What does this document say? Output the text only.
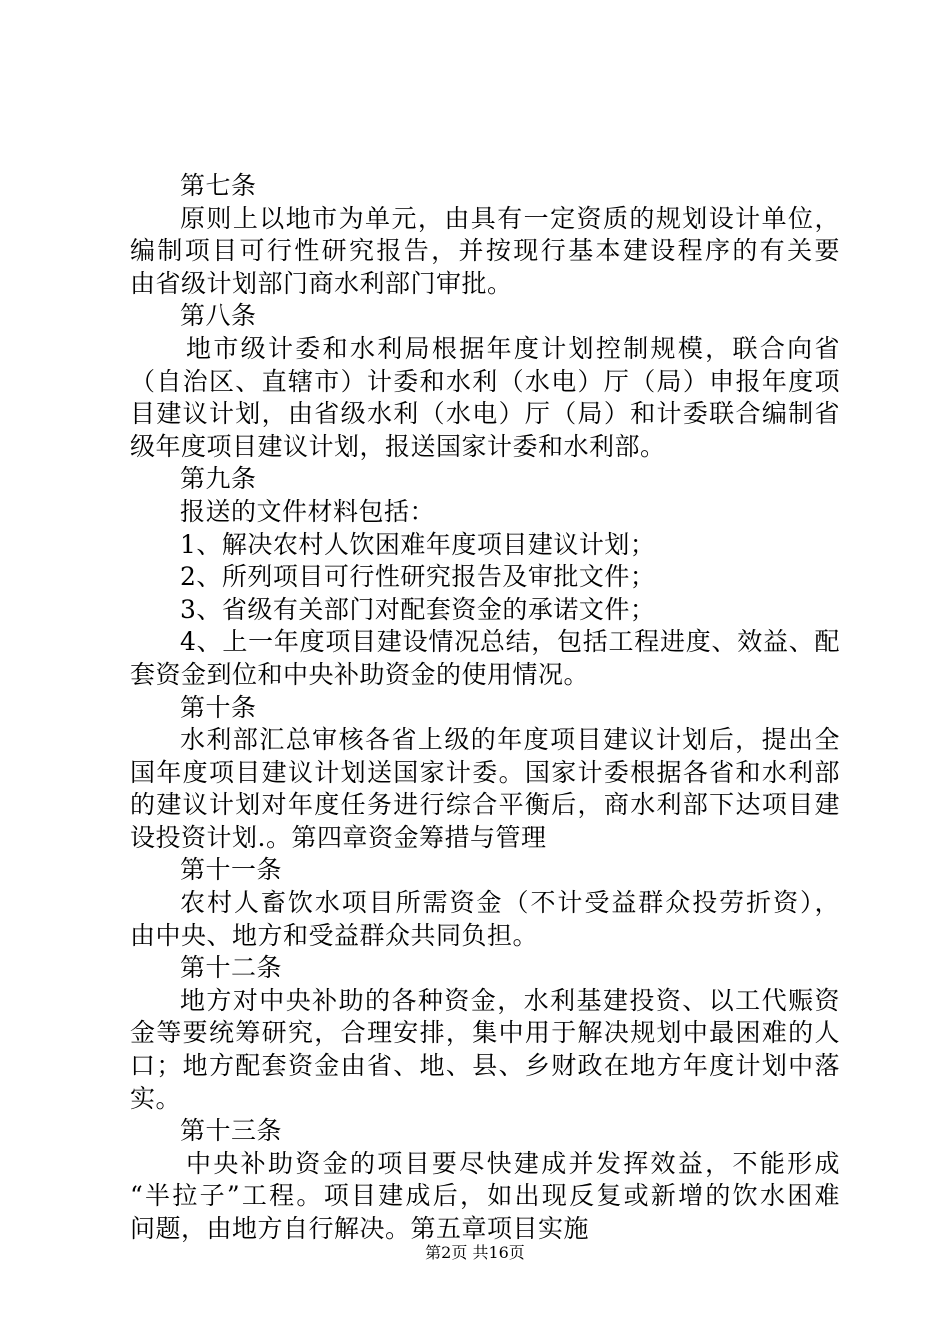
第七条
原则上以地市为单元，由具有一定资质的规划设计单位，
编制项目可行性研究报告，并按现行基本建设程序的有关要
由省级计划部门商水利部门审批。
第八条
地市级计委和水利局根据年度计划控制规模，联合向省
（自治区、直辖市）计委和水利（水电）厅（局）申报年度项
目建议计划，由省级水利（水电）厅（局）和计委联合编制省
级年度项目建议计划，报送国家计委和水利部。
第九条
报送的文件材料包括：
1、解决农村人饮困难年度项目建议计划；
2、所列项目可行性研究报告及审批文件；
3、省级有关部门对配套资金的承诺文件；
4、上一年度项目建设情况总结，包括工程进度、效益、配
套资金到位和中央补助资金的使用情况。
第十条
水利部汇总审核各省上级的年度项目建议计划后，提出全
国年度项目建议计划送国家计委。国家计委根据各省和水利部
的建议计划对年度任务进行综合平衡后，商水利部下达项目建
设投资计划.。第四章资金筹措与管理
第十一条
农村人畜饮水项目所需资金（不计受益群众投劳折资），
由中央、地方和受益群众共同负担。
第十二条
地方对中央补助的各种资金，水利基建投资、以工代赈资
金等要统筹研究，合理安排，集中用于解决规划中最困难的人
口；地方配套资金由省、地、县、乡财政在地方年度计划中落
实。
第十三条
中央补助资金的项目要尽快建成并发挥效益，不能形成
“半拉子”工程。项目建成后，如出现反复或新增的饮水困难
问题，由地方自行解决。第五章项目实施
第2页 共16页
